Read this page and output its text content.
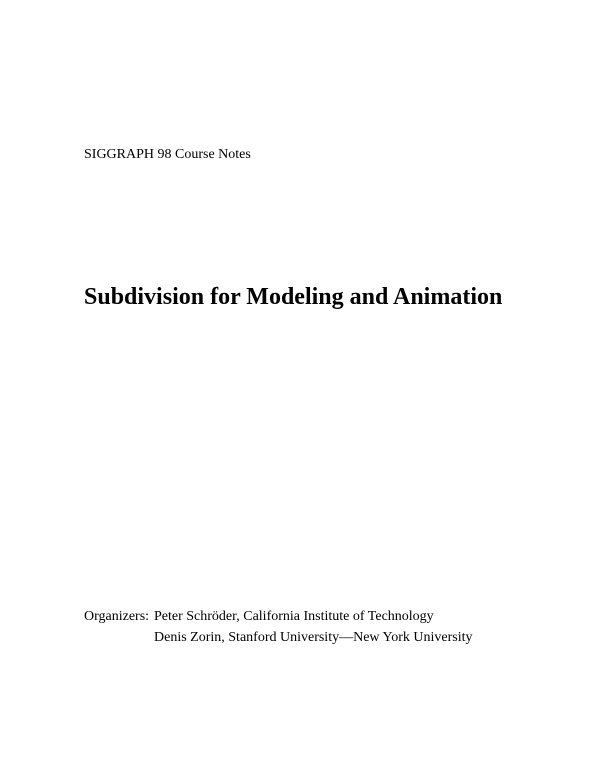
SIGGRAPH 98 Course Notes
Subdivision for Modeling and Animation
Organizers: Peter Schröder, California Institute of Technology
Denis Zorin, Stanford University—New York University
